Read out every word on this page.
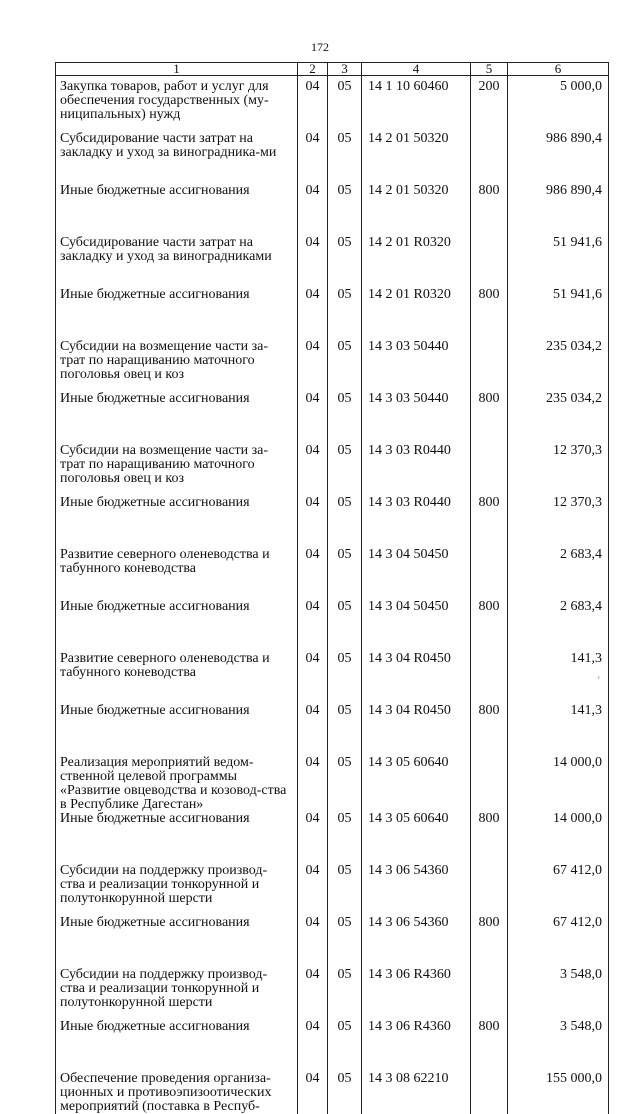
172
1	2	3	4	5	6
Закупка товаров, работ и услуг для обеспечения государственных (му-ниципальных) нужд	04	05	14 1 10 60460	200	5 000,0
Субсидирование части затрат на закладку и уход за виноградника-ми	04	05	14 2 01 50320		986 890,4
Иные бюджетные ассигнования	04	05	14 2 01 50320	800	986 890,4
Субсидирование части затрат на закладку и уход за виноградниками	04	05	14 2 01 R0320		51 941,6
Иные бюджетные ассигнования	04	05	14 2 01 R0320	800	51 941,6
Субсидии на возмещение части за-трат по наращиванию маточного поголовья овец и коз	04	05	14 3 03 50440		235 034,2
Иные бюджетные ассигнования	04	05	14 3 03 50440	800	235 034,2
Субсидии на возмещение части за-трат по наращиванию маточного поголовья овец и коз	04	05	14 3 03 R0440		12 370,3
Иные бюджетные ассигнования	04	05	14 3 03 R0440	800	12 370,3
Развитие северного оленеводства и табунного коневодства	04	05	14 3 04 50450		2 683,4
Иные бюджетные ассигнования	04	05	14 3 04 50450	800	2 683,4
Развитие северного оленеводства и табунного коневодства	04	05	14 3 04 R0450		141,3
Иные бюджетные ассигнования	04	05	14 3 04 R0450	800	141,3
Реализация мероприятий ведом-ственной целевой программы «Развитие овцеводства и козовод-ства в Республике Дагестан»	04	05	14 3 05 60640		14 000,0
Иные бюджетные ассигнования	04	05	14 3 05 60640	800	14 000,0
Субсидии на поддержку производ-ства и реализации тонкорунной и полутонкорунной шерсти	04	05	14 3 06 54360		67 412,0
Иные бюджетные ассигнования	04	05	14 3 06 54360	800	67 412,0
Субсидии на поддержку производ-ства и реализации тонкорунной и полутонкорунной шерсти	04	05	14 3 06 R4360		3 548,0
Иные бюджетные ассигнования	04	05	14 3 06 R4360	800	3 548,0
Обеспечение проведения организа-ционных и противоэпизоотических мероприятий (поставка в Респуб-	04	05	14 3 08 62210		155 000,0
'
